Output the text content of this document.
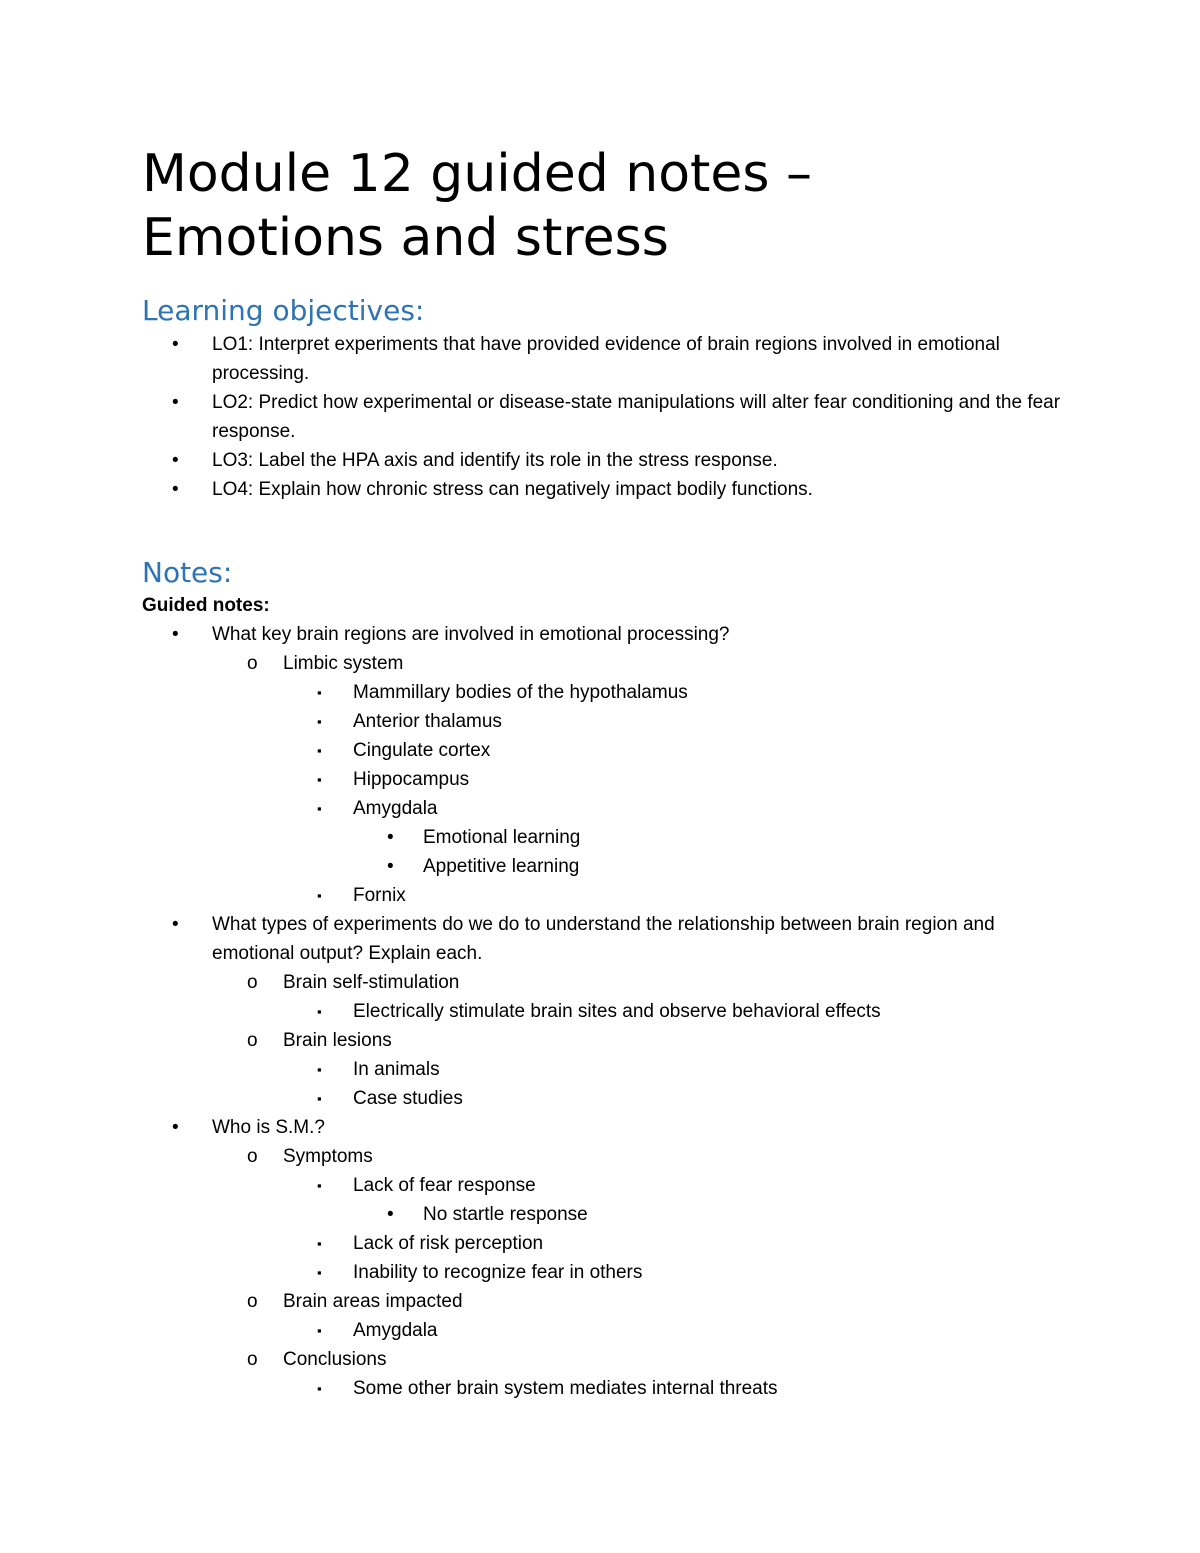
Module 12 guided notes –
Emotions and stress
Learning objectives:
• LO1: Interpret experiments that have provided evidence of brain regions involved in emotional processing.
• LO2: Predict how experimental or disease-state manipulations will alter fear conditioning and the fear response.
• LO3: Label the HPA axis and identify its role in the stress response.
• LO4: Explain how chronic stress can negatively impact bodily functions.
Notes:

Guided notes:

• What key brain regions are involved in emotional processing?
o Limbic system
▪ Mammillary bodies of the hypothalamus
▪ Anterior thalamus
▪ Cingulate cortex
▪ Hippocampus
▪ Amygdala
• Emotional learning
• Appetitive learning
▪ Fornix
• What types of experiments do we do to understand the relationship between brain region and emotional output? Explain each.
o Brain self-stimulation
▪ Electrically stimulate brain sites and observe behavioral effects
o Brain lesions
▪ In animals
▪ Case studies
• Who is S.M.?
o Symptoms
▪ Lack of fear response
• No startle response
▪ Lack of risk perception
▪ Inability to recognize fear in others
o Brain areas impacted
▪ Amygdala
o Conclusions
▪ Some other brain system mediates internal threats
